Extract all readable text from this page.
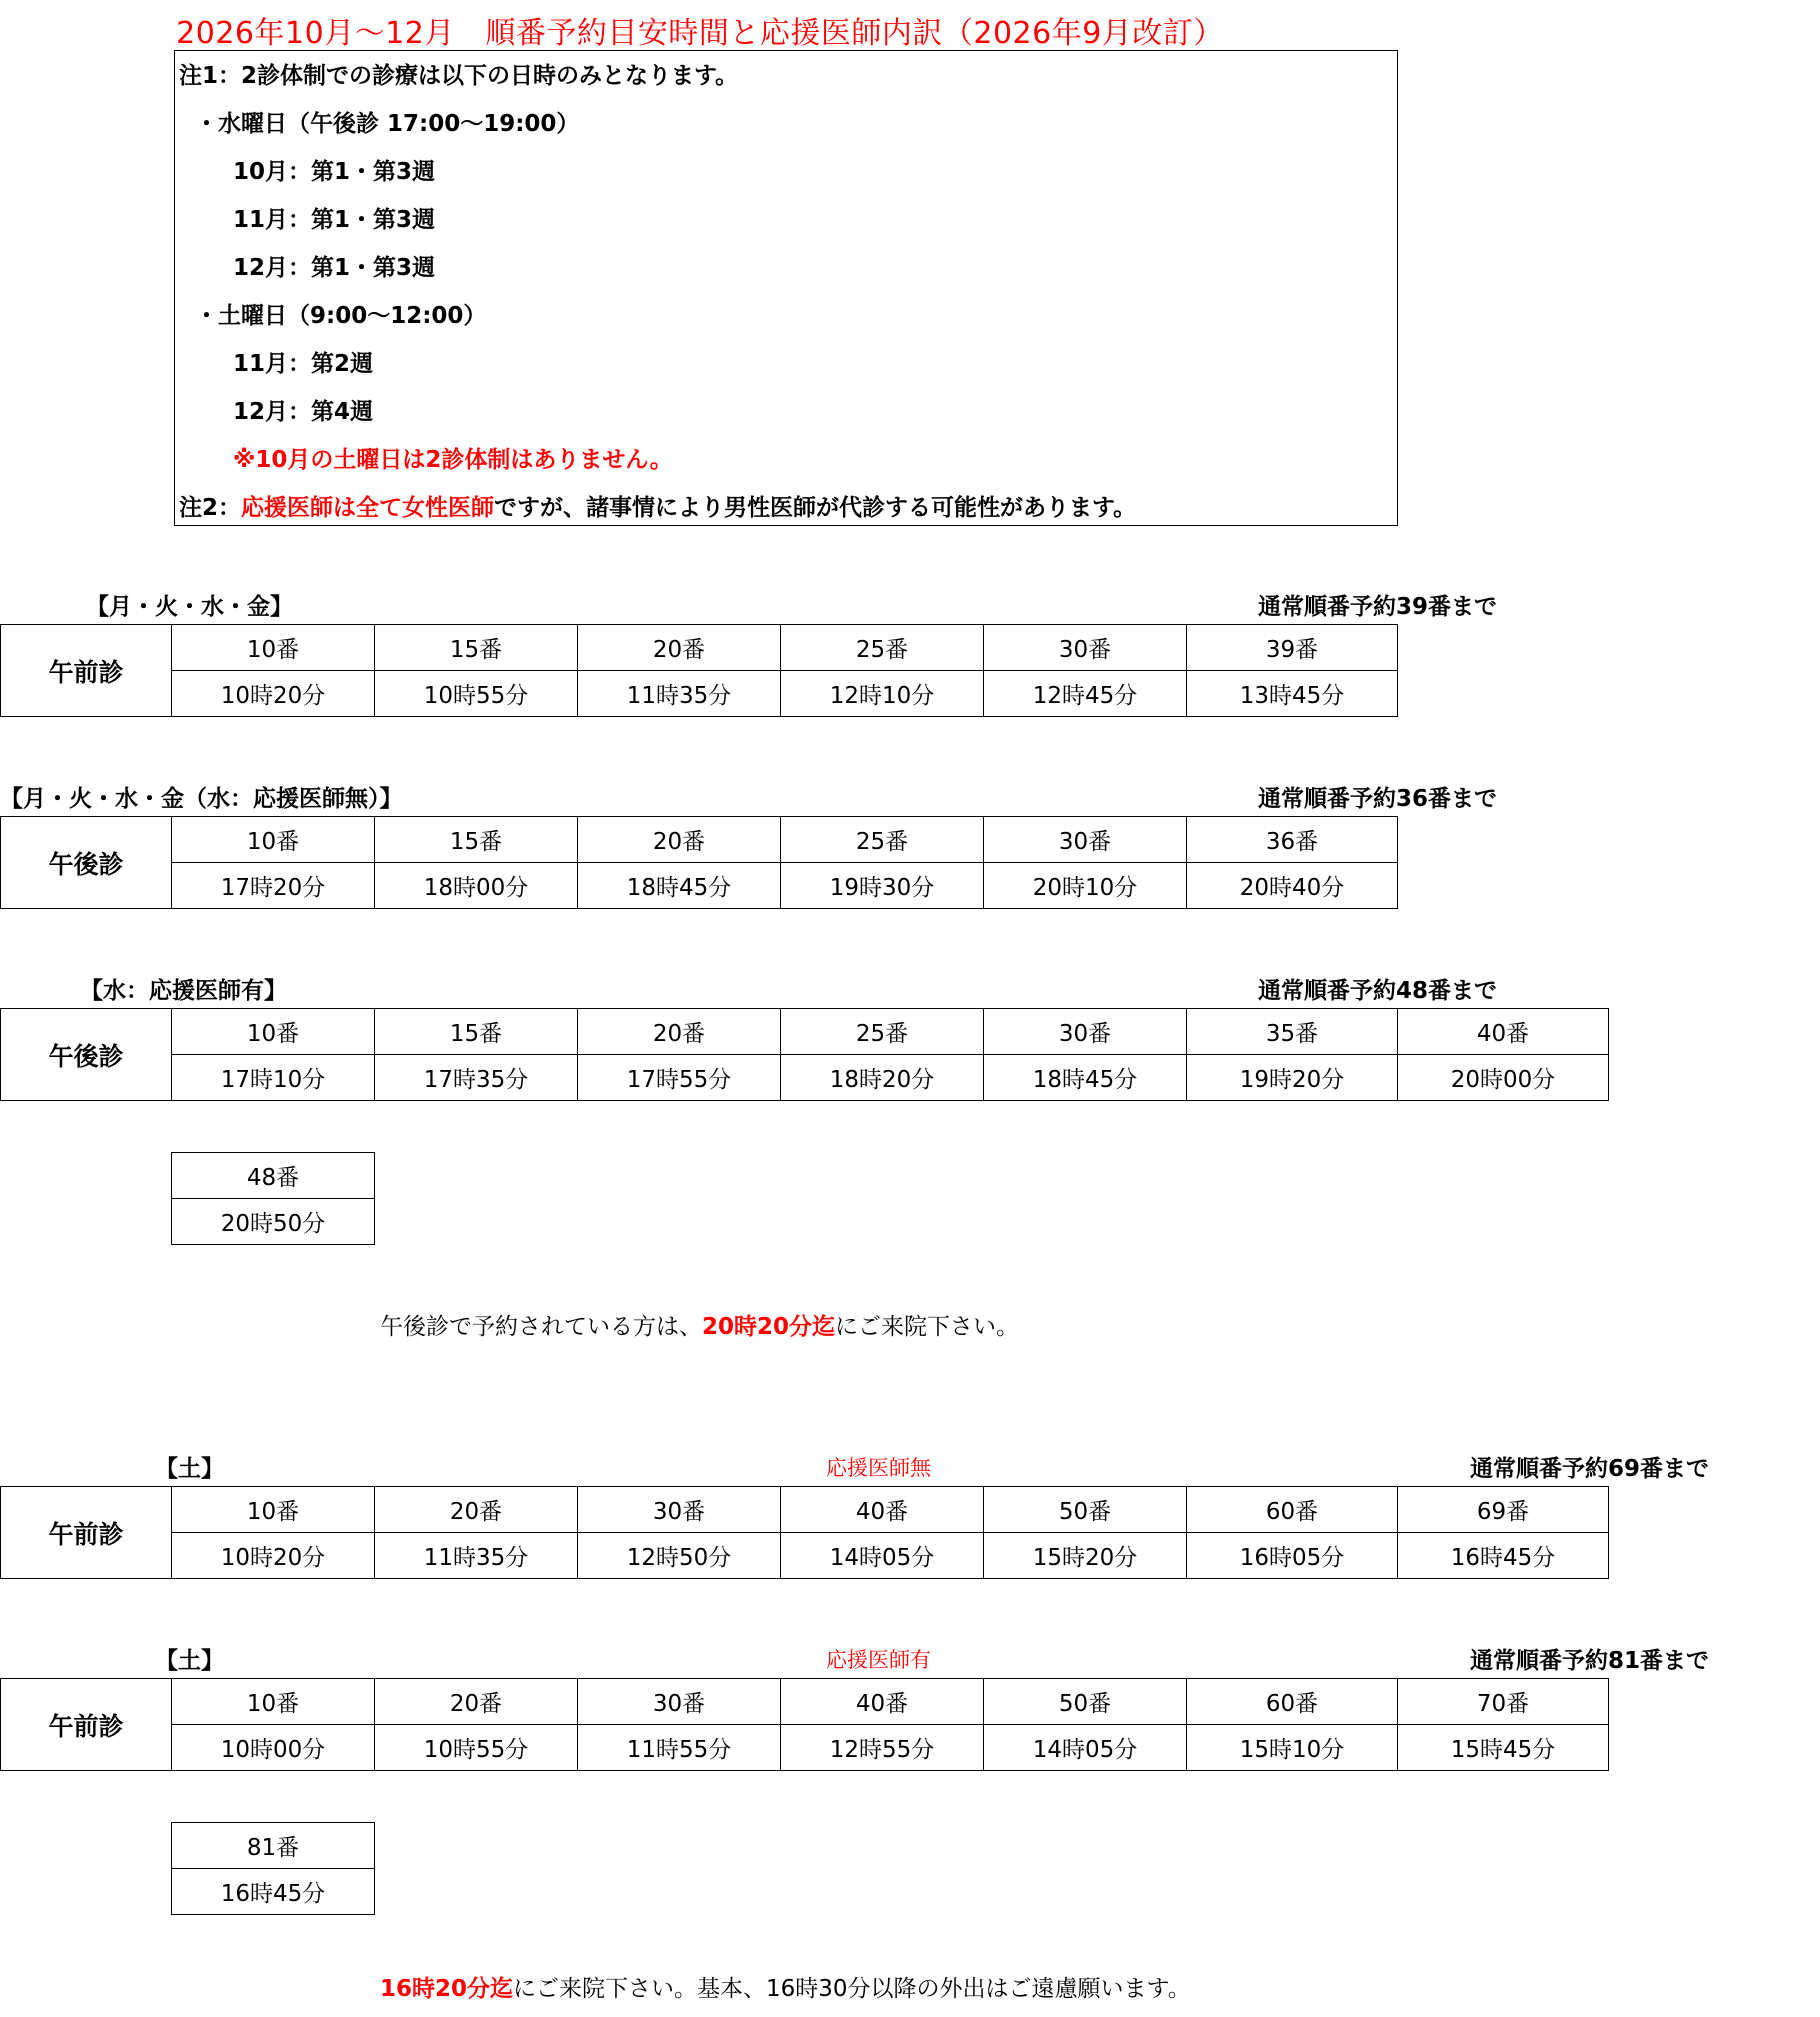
2026年10月～12月　順番予約目安時間と応援医師内訳（2026年9月改訂）
注1：2診体制での診療は以下の日時のみとなります。
・水曜日（午後診 17:00～19:00）
10月：第1・第3週
11月：第1・第3週
12月：第1・第3週
・土曜日（9:00～12:00）
11月：第2週
12月：第4週
※10月の土曜日は2診体制はありません。
注2：応援医師は全て女性医師ですが、諸事情により男性医師が代診する可能性があります。
【月・火・水・金】	通常順番予約39番まで
午前診	10番	15番	20番	25番	30番	39番
	10時20分	10時55分	11時35分	12時10分	12時45分	13時45分
【月・火・水・金（水：応援医師無）】	通常順番予約36番まで
午後診	10番	15番	20番	25番	30番	36番
	17時20分	18時00分	18時45分	19時30分	20時10分	20時40分
【水：応援医師有】	通常順番予約48番まで
午後診	10番	15番	20番	25番	30番	35番	40番
	17時10分	17時35分	17時55分	18時20分	18時45分	19時20分	20時00分
48番
20時50分
午後診で予約されている方は、20時20分迄にご来院下さい。
【土】	応援医師無	通常順番予約69番まで
午前診	10番	20番	30番	40番	50番	60番	69番
	10時20分	11時35分	12時50分	14時05分	15時20分	16時05分	16時45分
【土】	応援医師有	通常順番予約81番まで
午前診	10番	20番	30番	40番	50番	60番	70番
	10時00分	10時55分	11時55分	12時55分	14時05分	15時10分	15時45分
81番
16時45分
16時20分迄にご来院下さい。基本、16時30分以降の外出はご遠慮願います。
